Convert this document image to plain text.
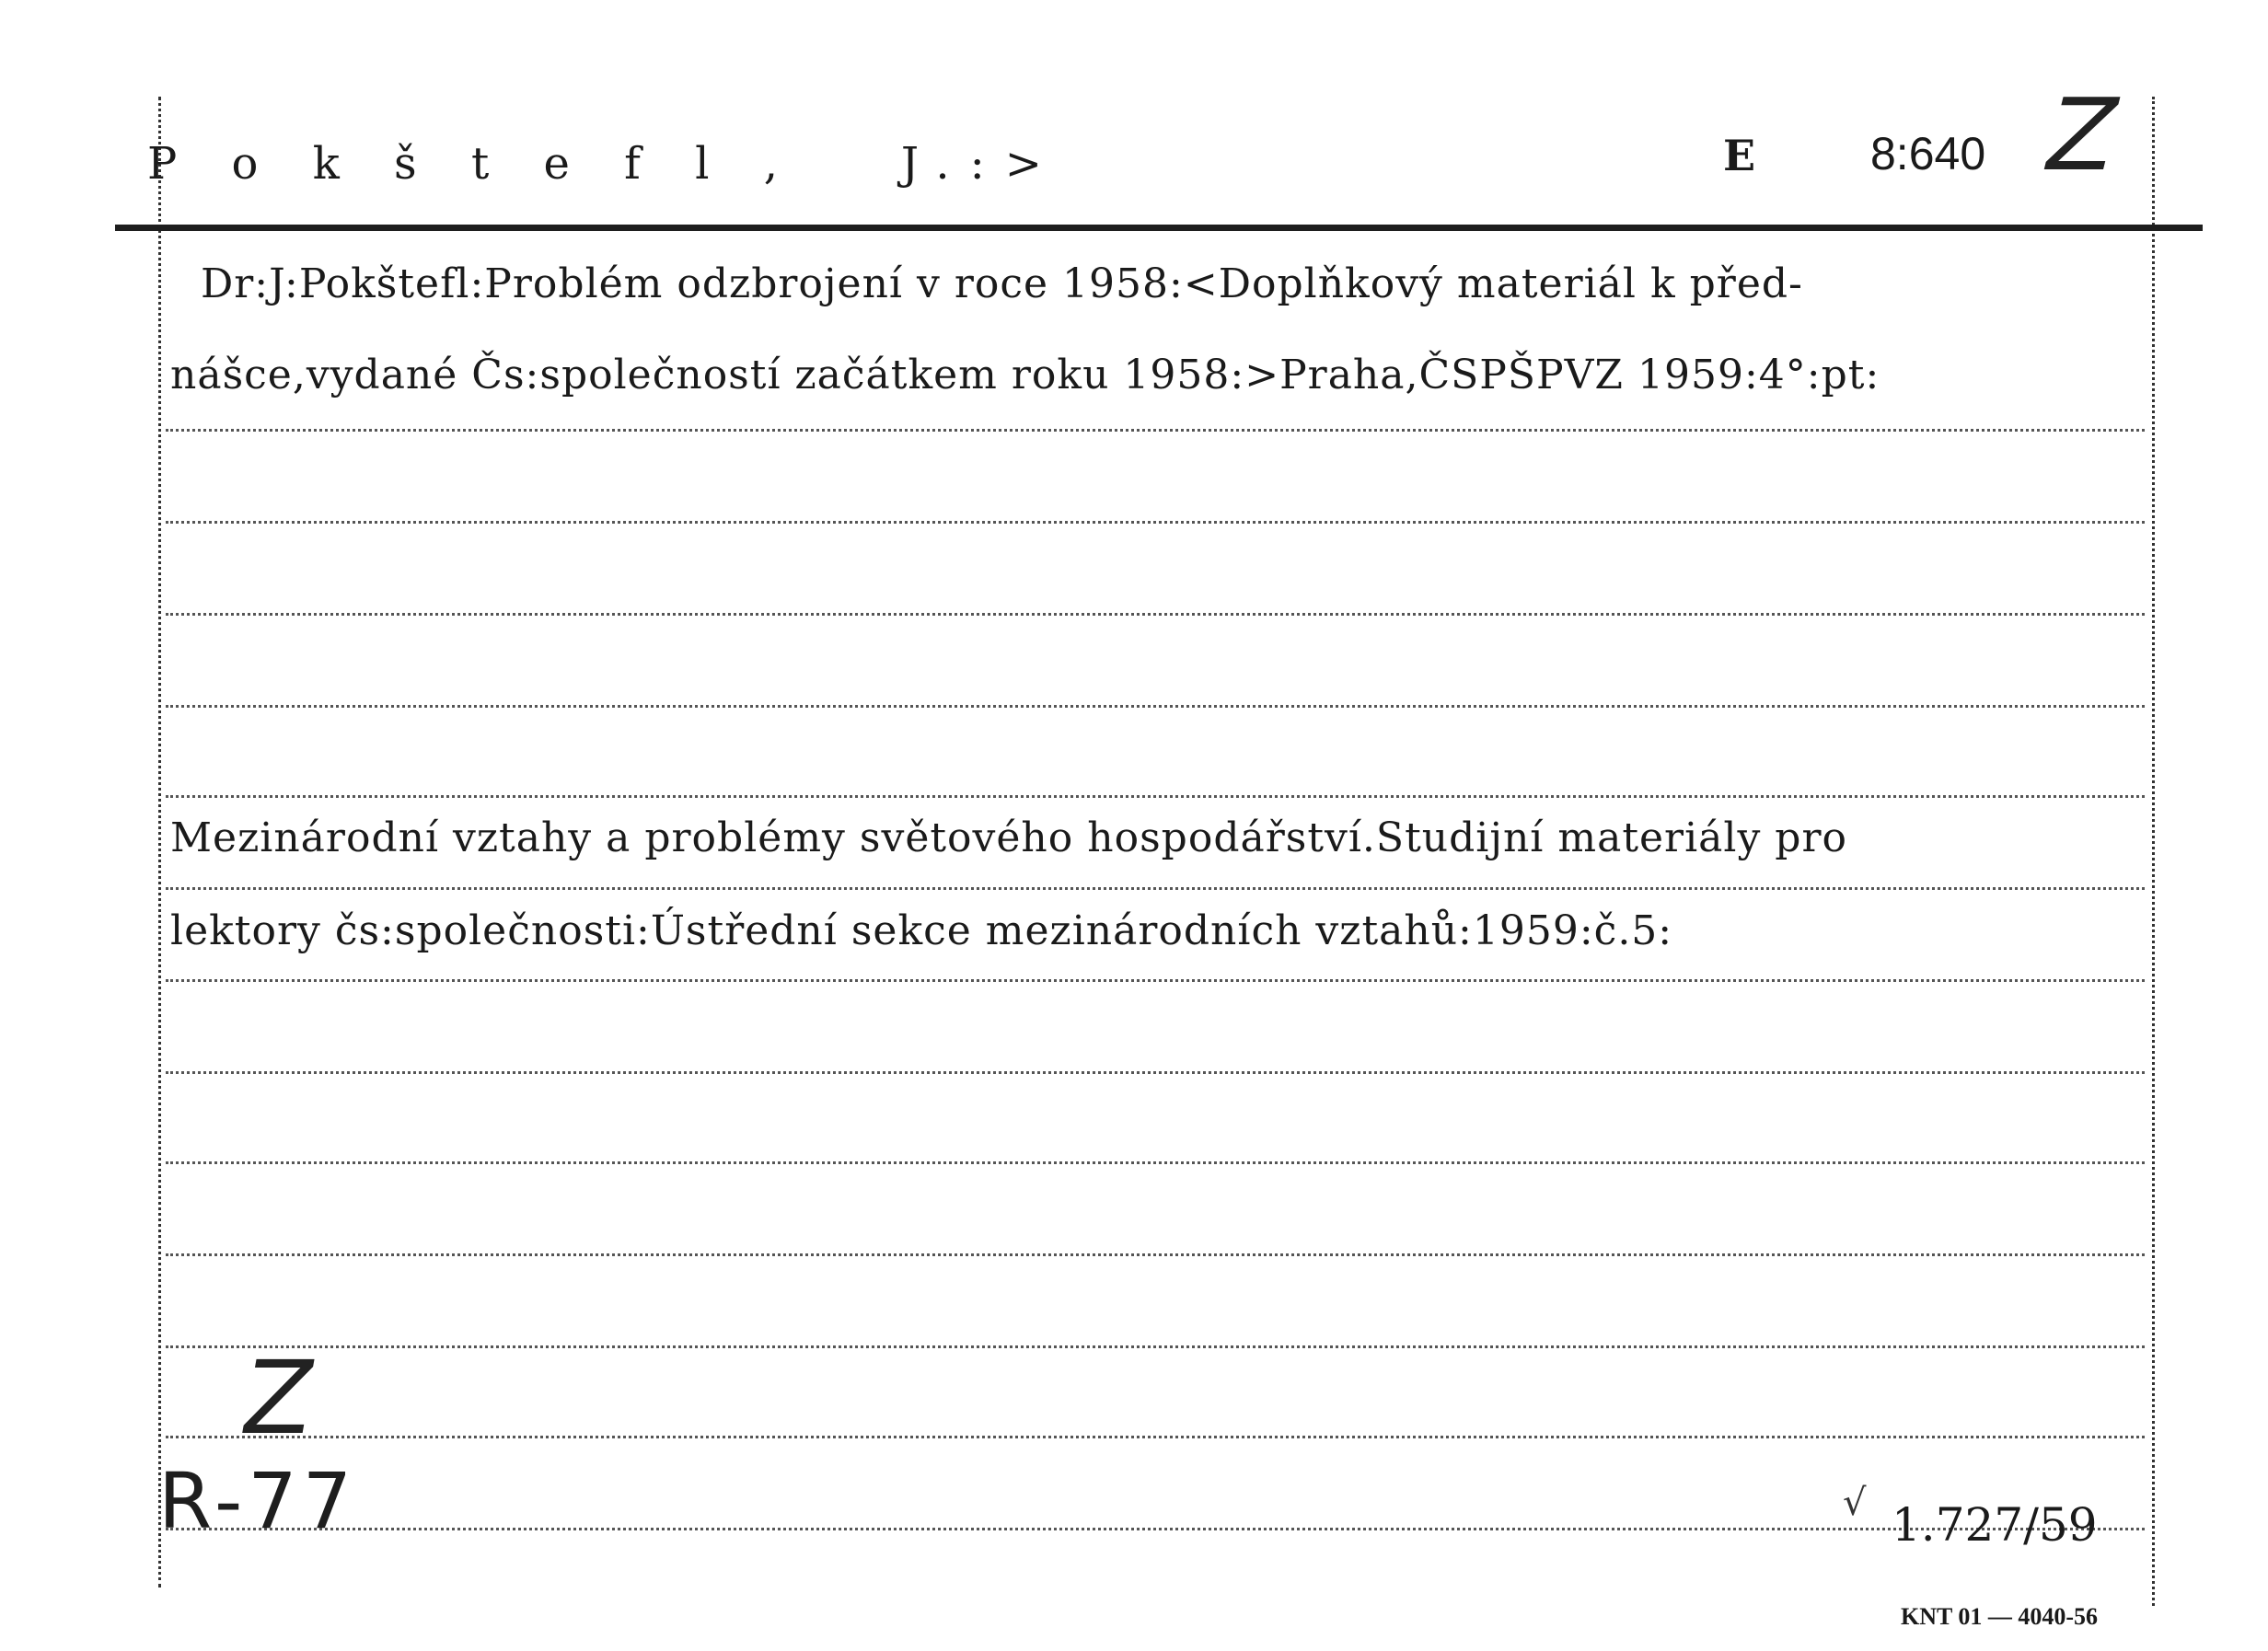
P o k š t e f l ,   J.:>	E 8:640 Z
Dr:J:Pokštefl:Problém odzbrojení v roce 1958:<Doplňkový materiál k před-
nášce,vydané Čs:společností začátkem roku 1958:>Praha,ČSPŠPVZ 1959:4°:pt:
Mezinárodní vztahy a problémy světového hospodářství.Studijní materiály pro
lektory čs:společnosti:Ústřední sekce mezinárodních vztahů:1959:č.5:
Z
R-77	√ 1.727/59
KNT 01 — 4040-56
